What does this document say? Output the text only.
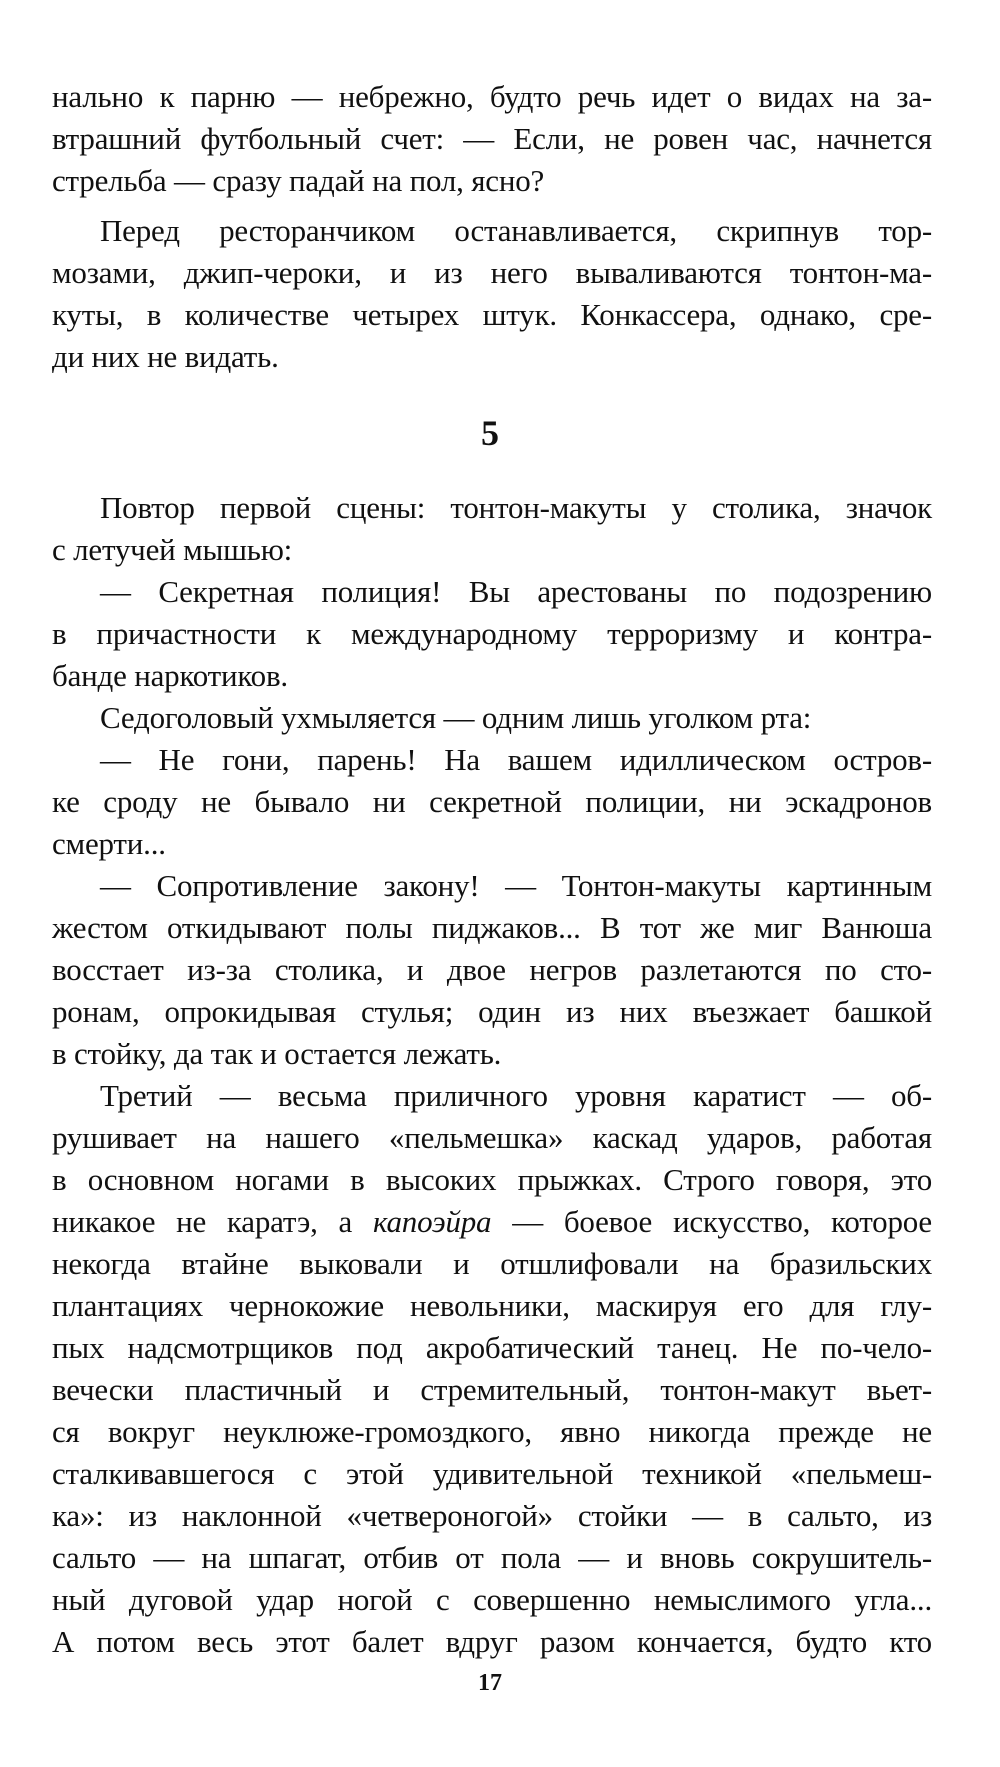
нально к парню — небрежно, будто речь идет о видах на за-
втрашний футбольный счет: — Если, не ровен час, начнется
стрельба — сразу падай на пол, ясно?
Перед ресторанчиком останавливается, скрипнув тор-
мозами, джип-чероки, и из него вываливаются тонтон-ма-
куты, в количестве четырех штук. Конкассера, однако, сре-
ди них не видать.
5
Повтор первой сцены: тонтон-макуты у столика, значок
с летучей мышью:
— Секретная полиция! Вы арестованы по подозрению
в причастности к международному терроризму и контра-
банде наркотиков.
Седоголовый ухмыляется — одним лишь уголком рта:
— Не гони, парень! На вашем идиллическом остров-
ке сроду не бывало ни секретной полиции, ни эскадронов
смерти...
— Сопротивление закону! — Тонтон-макуты картинным
жестом откидывают полы пиджаков... В тот же миг Ванюша
восстает из-за столика, и двое негров разлетаются по сто-
ронам, опрокидывая стулья; один из них въезжает башкой
в стойку, да так и остается лежать.
Третий — весьма приличного уровня каратист — об-
рушивает на нашего «пельмешка» каскад ударов, работая
в основном ногами в высоких прыжках. Строго говоря, это
никакое не каратэ, а капоэйра — боевое искусство, которое
некогда втайне выковали и отшлифовали на бразильских
плантациях чернокожие невольники, маскируя его для глу-
пых надсмотрщиков под акробатический танец. Не по-чело-
вечески пластичный и стремительный, тонтон-макут вьет-
ся вокруг неуклюже-громоздкого, явно никогда прежде не
сталкивавшегося с этой удивительной техникой «пельмеш-
ка»: из наклонной «четвероногой» стойки — в сальто, из
сальто — на шпагат, отбив от пола — и вновь сокрушитель-
ный дуговой удар ногой с совершенно немыслимого угла...
А потом весь этот балет вдруг разом кончается, будто кто
17
